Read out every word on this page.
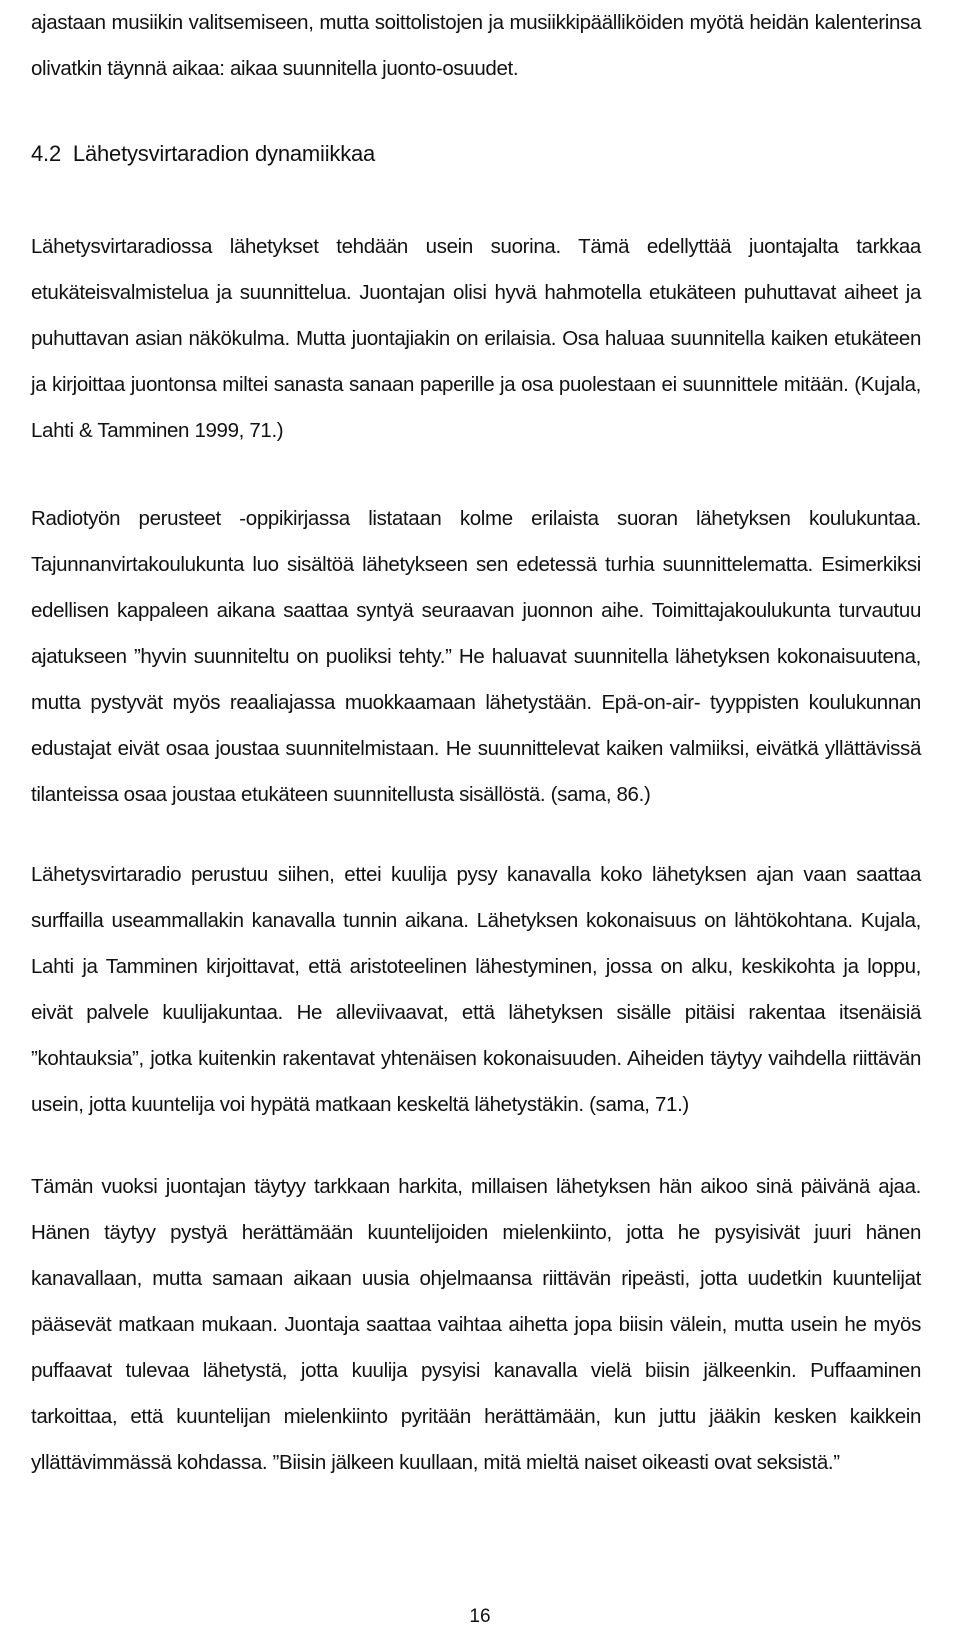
ajastaan musiikin valitsemiseen, mutta soittolistojen ja musiikkipäälliköiden myötä heidän kalenterinsa olivatkin täynnä aikaa: aikaa suunnitella juonto-osuudet.

4.2 Lähetysvirtaradion dynamiikkaa

Lähetysvirtaradiossa lähetykset tehdään usein suorina. Tämä edellyttää juontajalta tarkkaa etukäteisvalmistelua ja suunnittelua. Juontajan olisi hyvä hahmotella etukäteen puhuttavat aiheet ja puhuttavan asian näkökulma. Mutta juontajiakin on erilaisia. Osa haluaa suunnitella kaiken etukäteen ja kirjoittaa juontonsa miltei sanasta sanaan paperille ja osa puolestaan ei suunnittele mitään. (Kujala, Lahti & Tamminen 1999, 71.)

Radiotyön perusteet -oppikirjassa listataan kolme erilaista suoran lähetyksen koulukuntaa. Tajunnanvirtakoulukunta luo sisältöä lähetykseen sen edetessä turhia suunnittelematta. Esimerkiksi edellisen kappaleen aikana saattaa syntyä seuraavan juonnon aihe. Toimittajakoulukunta turvautuu ajatukseen ”hyvin suunniteltu on puoliksi tehty.” He haluavat suunnitella lähetyksen kokonaisuutena, mutta pystyvät myös reaaliajassa muokkaamaan lähetystään. Epä-on-air- tyyppisten koulukunnan edustajat eivät osaa joustaa suunnitelmistaan. He suunnittelevat kaiken valmiiksi, eivätkä yllättävissä tilanteissa osaa joustaa etukäteen suunnitellusta sisällöstä. (sama, 86.)

Lähetysvirtaradio perustuu siihen, ettei kuulija pysy kanavalla koko lähetyksen ajan vaan saattaa surffailla useammallakin kanavalla tunnin aikana. Lähetyksen kokonaisuus on lähtökohtana. Kujala, Lahti ja Tamminen kirjoittavat, että aristoteelinen lähestyminen, jossa on alku, keskikohta ja loppu, eivät palvele kuulijakuntaa. He alleviivaavat, että lähetyksen sisälle pitäisi rakentaa itsenäisiä ”kohtauksia”, jotka kuitenkin rakentavat yhtenäisen kokonaisuuden. Aiheiden täytyy vaihdella riittävän usein, jotta kuuntelija voi hypätä matkaan keskeltä lähetystäkin. (sama, 71.)

Tämän vuoksi juontajan täytyy tarkkaan harkita, millaisen lähetyksen hän aikoo sinä päivänä ajaa. Hänen täytyy pystyä herättämään kuuntelijoiden mielenkiinto, jotta he pysyisivät juuri hänen kanavallaan, mutta samaan aikaan uusia ohjelmaansa riittävän ripeästi, jotta uudetkin kuuntelijat pääsevät matkaan mukaan. Juontaja saattaa vaihtaa aihetta jopa biisin välein, mutta usein he myös puffaavat tulevaa lähetystä, jotta kuulija pysyisi kanavalla vielä biisin jälkeenkin. Puffaaminen tarkoittaa, että kuuntelijan mielenkiinto pyritään herättämään, kun juttu jääkin kesken kaikkein yllättävimmässä kohdassa. ”Biisin jälkeen kuullaan, mitä mieltä naiset oikeasti ovat seksistä.”

16
